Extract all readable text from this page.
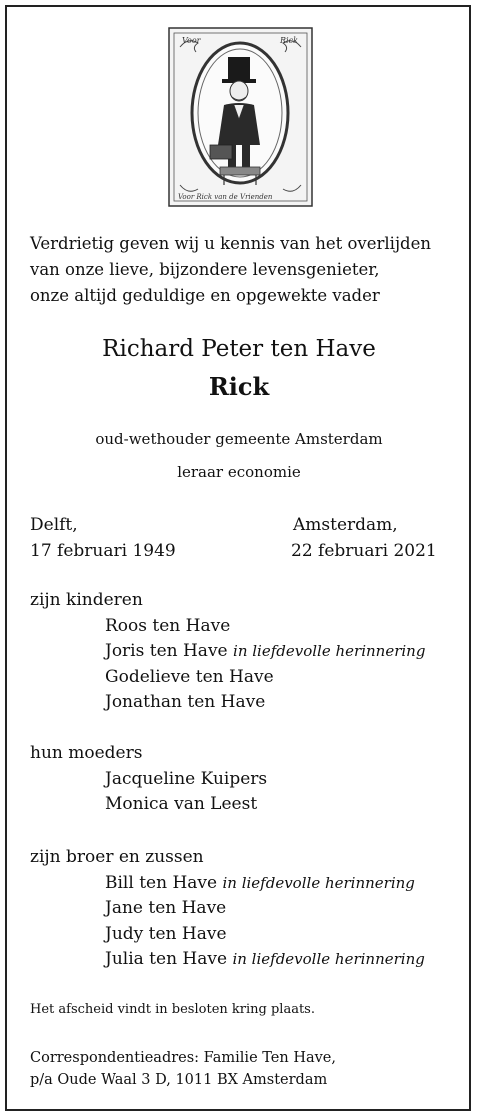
Voor	Rick
Voor Rick van de Vrienden
Verdrietig geven wij u kennis van het overlijden
van onze lieve, bijzondere levensgenieter,
onze altijd geduldige en opgewekte vader
Richard Peter ten Have
Rick
oud-wethouder gemeente Amsterdam
leraar economie
Delft,
17 februari 1949
Amsterdam,
22 februari 2021
zijn kinderen
Roos ten Have
Joris ten Have in liefdevolle herinnering
Godelieve ten Have
Jonathan ten Have
hun moeders
Jacqueline Kuipers
Monica van Leest
zijn broer en zussen
Bill ten Have in liefdevolle herinnering
Jane ten Have
Judy ten Have
Julia ten Have in liefdevolle herinnering
Het afscheid vindt in besloten kring plaats.
Correspondentieadres: Familie Ten Have,
p/a Oude Waal 3 D, 1011 BX Amsterdam
